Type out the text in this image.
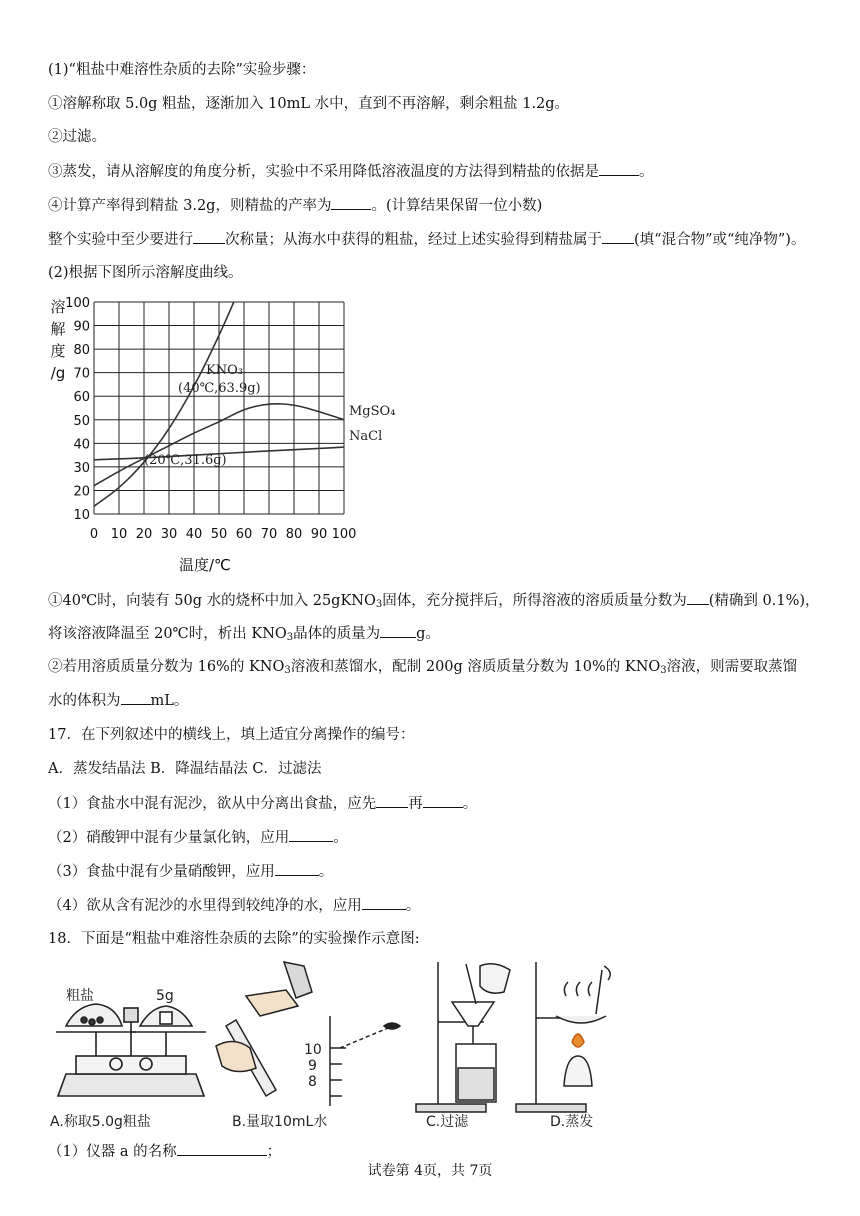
(1)“粗盐中难溶性杂质的去除”实验步骤：
①溶解称取 5.0g 粗盐，逐渐加入 10mL 水中，直到不再溶解，剩余粗盐 1.2g。
②过滤。
③蒸发，请从溶解度的角度分析，实验中不采用降低溶液温度的方法得到精盐的依据是	。
④计算产率得到精盐 3.2g，则精盐的产率为	。(计算结果保留一位小数)
整个实验中至少要进行 次称量；从海水中获得的粗盐，经过上述实验得到精盐属于 (填“混合物”或“纯净物”)。
(2)根据下图所示溶解度曲线。
0 10 20 30 40 50 60 70 80 90 100
10
20
30
40
50
60
70
80
90
100
溶
解
度
/g
温度/℃
KNO₃
MgSO₄
NaCl
(40℃,63.9g)
(20℃,31.6g)
①40℃时，向装有 50g 水的烧杯中加入 25gKNO$_3$固体，充分搅拌后，所得溶液的溶质质量分数为 (精确到 0.1%)，
将该溶液降温至 20℃时，析出 $KNO_3$晶体的质量为 g。
②若用溶质质量分数为 16%的 $KNO_3$溶液和蒸馏水，配制 200g 溶质质量分数为 10%的 $KNO_3$溶液，则需要取蒸馏
水的体积为 mL。
17．在下列叙述中的横线上，填上适宜分离操作的编号：
A．蒸发结晶法 B．降温结晶法 C．过滤法
（1）食盐水中混有泥沙，欲从中分离出食盐，应先 再	。
（2）硝酸钾中混有少量氯化钠，应用	。
（3）食盐中混有少量硝酸钾，应用	。
（4）欲从含有泥沙的水里得到较纯净的水，应用	。
18．下面是“粗盐中难溶性杂质的去除”的实验操作示意图:
粗盐	5g
10
9
8
A.称取5.0g粗盐	B.量取10mL水	C.过滤	D.蒸发
（1）仪器 a 的名称	；
试卷第 4页，共 7页
